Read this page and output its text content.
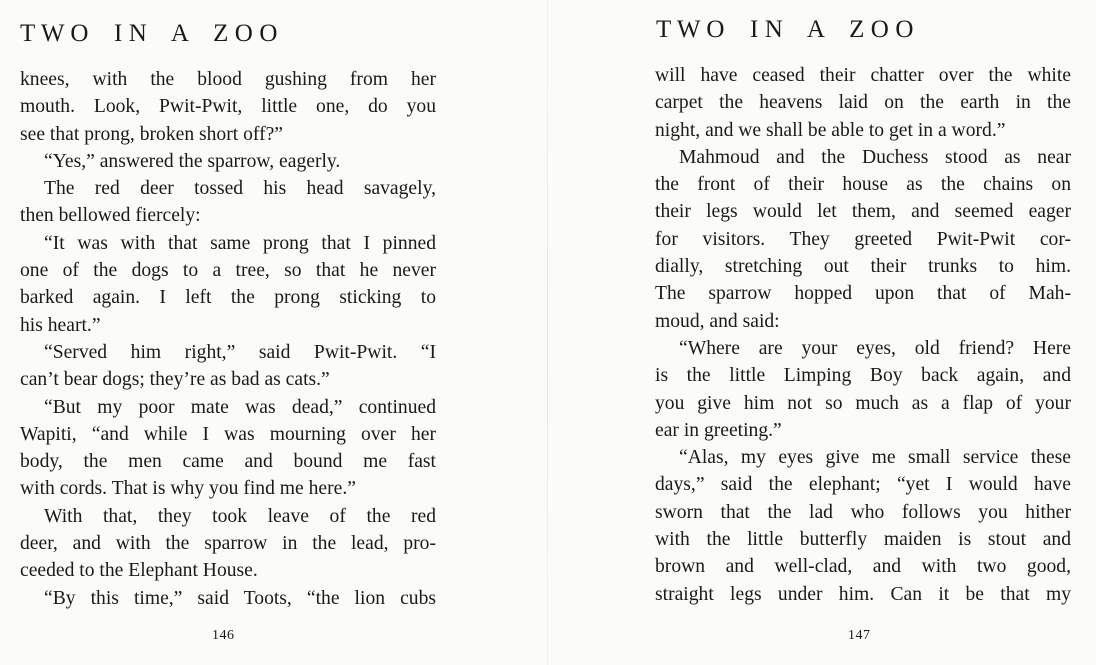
T W O    I N    A    Z O O
knees, with the blood gushing from her
mouth. Look, Pwit-Pwit, little one, do you
see that prong, broken short off?”
“Yes,” answered the sparrow, eagerly.
The red deer tossed his head savagely,
then bellowed fiercely:
“It was with that same prong that I pinned
one of the dogs to a tree, so that he never
barked again. I left the prong sticking to
his heart.”
“Served him right,” said Pwit-Pwit. “I
can’t bear dogs; they’re as bad as cats.”
“But my poor mate was dead,” continued
Wapiti, “and while I was mourning over her
body, the men came and bound me fast
with cords. That is why you find me here.”
With that, they took leave of the red
deer, and with the sparrow in the lead, pro-
ceeded to the Elephant House.
“By this time,” said Toots, “the lion cubs
146
T W O    I N    A    Z O O
will have ceased their chatter over the white
carpet the heavens laid on the earth in the
night, and we shall be able to get in a word.”
Mahmoud and the Duchess stood as near
the front of their house as the chains on
their legs would let them, and seemed eager
for visitors. They greeted Pwit-Pwit cor-
dially, stretching out their trunks to him.
The sparrow hopped upon that of Mah-
moud, and said:
“Where are your eyes, old friend? Here
is the little Limping Boy back again, and
you give him not so much as a flap of your
ear in greeting.”
“Alas, my eyes give me small service these
days,” said the elephant; “yet I would have
sworn that the lad who follows you hither
with the little butterfly maiden is stout and
brown and well-clad, and with two good,
straight legs under him. Can it be that my
147
